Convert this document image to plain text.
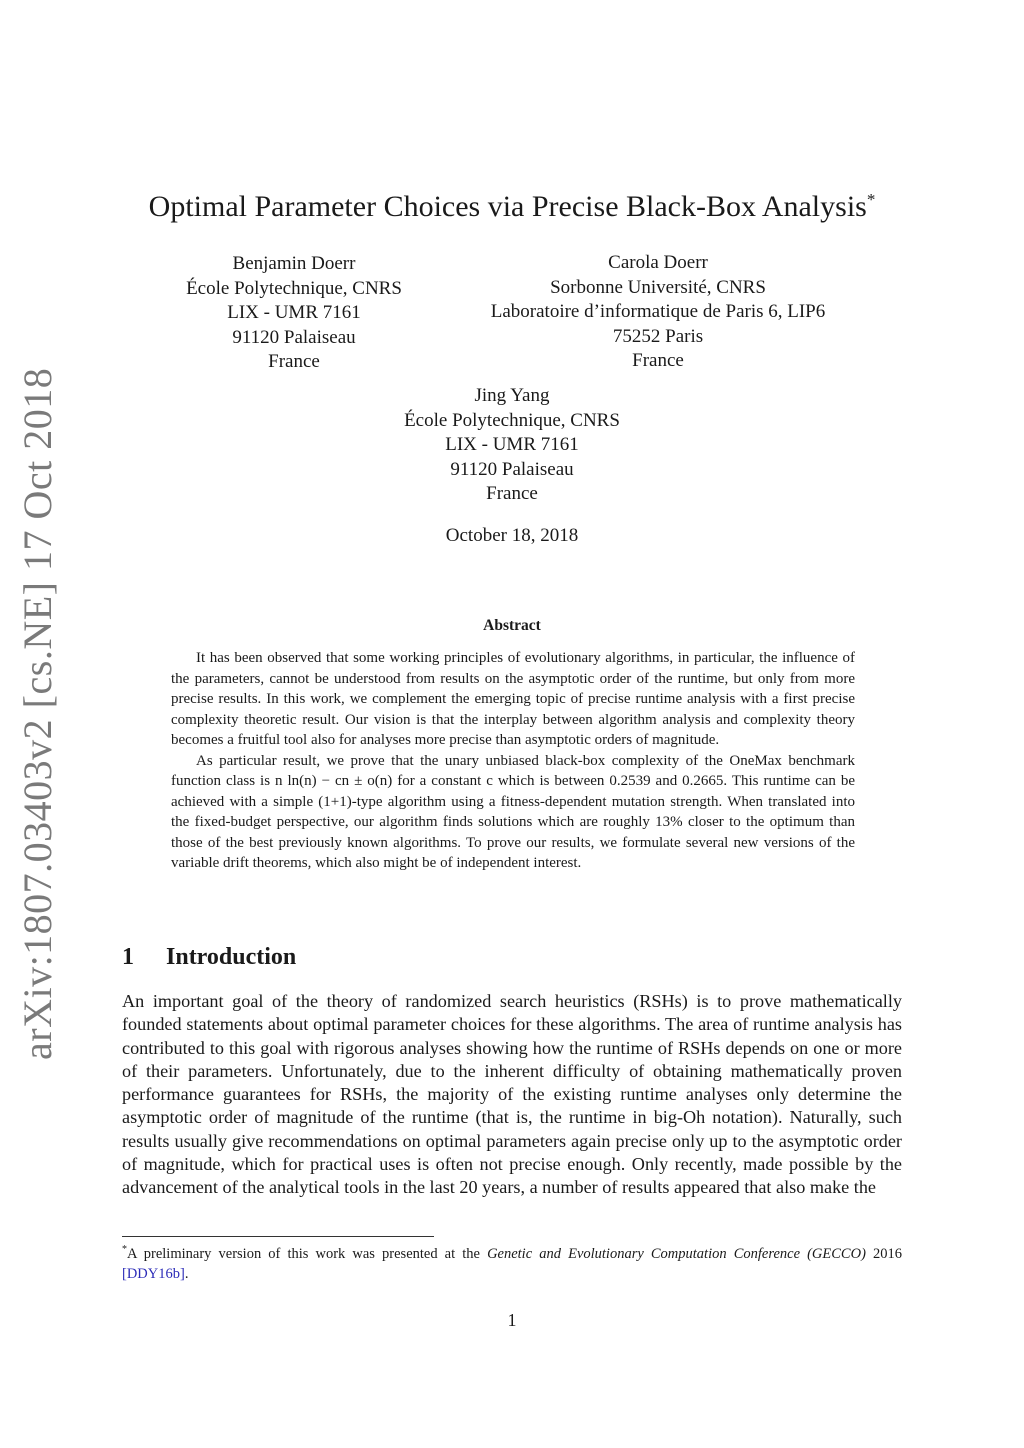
arXiv:1807.03403v2 [cs.NE] 17 Oct 2018
Optimal Parameter Choices via Precise Black-Box Analysis*
Benjamin Doerr
École Polytechnique, CNRS
LIX - UMR 7161
91120 Palaiseau
France
Carola Doerr
Sorbonne Université, CNRS
Laboratoire d’informatique de Paris 6, LIP6
75252 Paris
France
Jing Yang
École Polytechnique, CNRS
LIX - UMR 7161
91120 Palaiseau
France
October 18, 2018
Abstract

It has been observed that some working principles of evolutionary algorithms, in particular, the influence of the parameters, cannot be understood from results on the asymptotic order of the runtime, but only from more precise results. In this work, we complement the emerging topic of precise runtime analysis with a first precise complexity theoretic result. Our vision is that the interplay between algorithm analysis and complexity theory becomes a fruitful tool also for analyses more precise than asymptotic orders of magnitude.

As particular result, we prove that the unary unbiased black-box complexity of the OneMax benchmark function class is n ln(n) − cn ± o(n) for a constant c which is between 0.2539 and 0.2665. This runtime can be achieved with a simple (1+1)-type algorithm using a fitness-dependent mutation strength. When translated into the fixed-budget perspective, our algorithm finds solutions which are roughly 13% closer to the optimum than those of the best previously known algorithms. To prove our results, we formulate several new versions of the variable drift theorems, which also might be of independent interest.

1 Introduction

An important goal of the theory of randomized search heuristics (RSHs) is to prove mathematically founded statements about optimal parameter choices for these algorithms. The area of runtime analysis has contributed to this goal with rigorous analyses showing how the runtime of RSHs depends on one or more of their parameters. Unfortunately, due to the inherent difficulty of obtaining mathematically proven performance guarantees for RSHs, the majority of the existing runtime analyses only determine the asymptotic order of magnitude of the runtime (that is, the runtime in big-Oh notation). Naturally, such results usually give recommendations on optimal parameters again precise only up to the asymptotic order of magnitude, which for practical uses is often not precise enough. Only recently, made possible by the advancement of the analytical tools in the last 20 years, a number of results appeared that also make the

*A preliminary version of this work was presented at the Genetic and Evolutionary Computation Conference (GECCO) 2016 [DDY16b].
1
